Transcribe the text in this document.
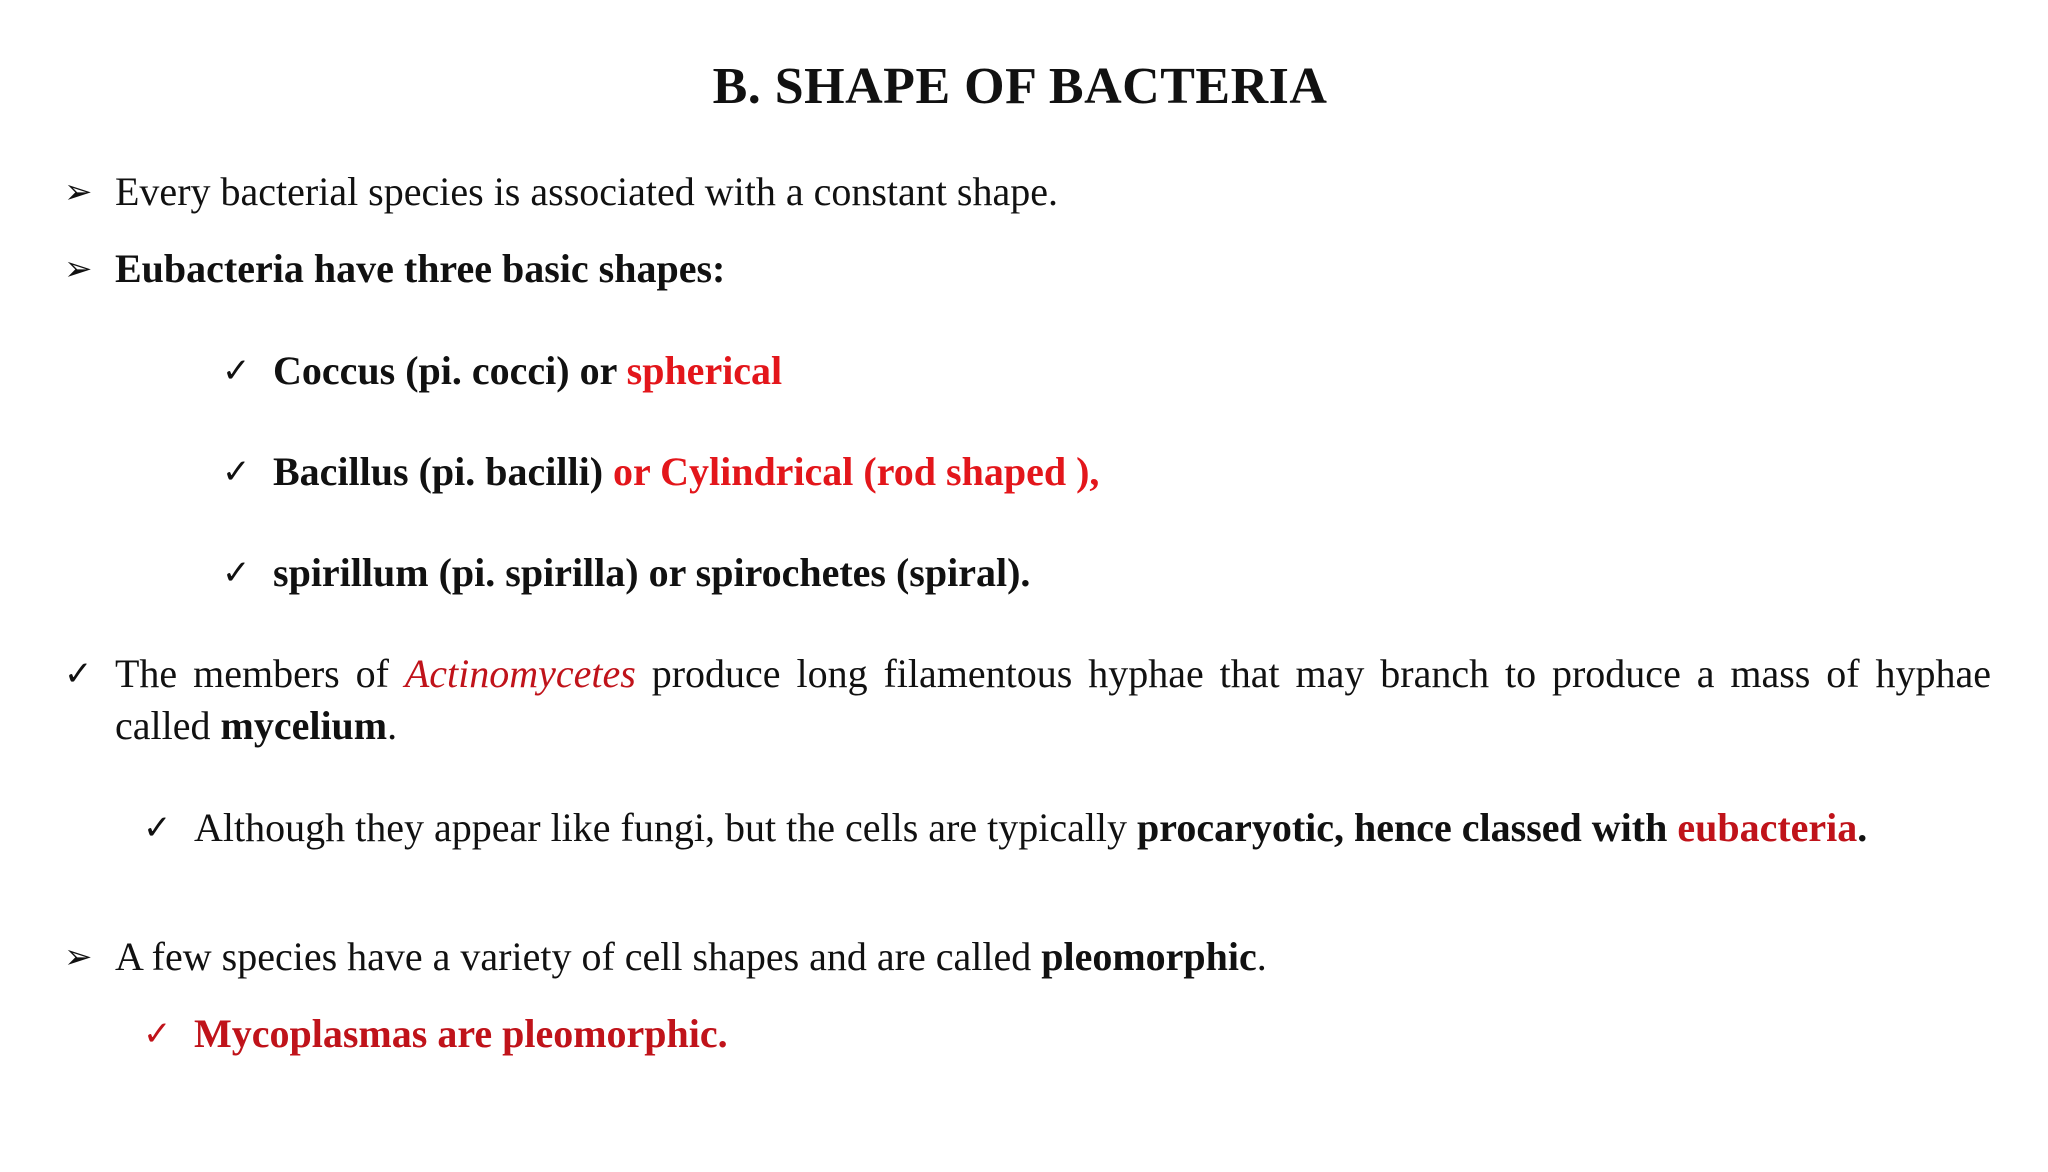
B. SHAPE OF BACTERIA
➢ Every bacterial species is associated with a constant shape.
➢ Eubacteria have three basic shapes:
✓ Coccus (pi. cocci) or spherical
✓ Bacillus (pi. bacilli) or Cylindrical (rod shaped ),
✓ spirillum (pi. spirilla) or spirochetes (spiral).
✓ The members of Actinomycetes produce long filamentous hyphae that may branch to produce a mass of hyphae called mycelium.
✓ Although they appear like fungi, but the cells are typically procaryotic, hence classed with eubacteria.
➢ A few species have a variety of cell shapes and are called pleomorphic.
✓ Mycoplasmas are pleomorphic.
